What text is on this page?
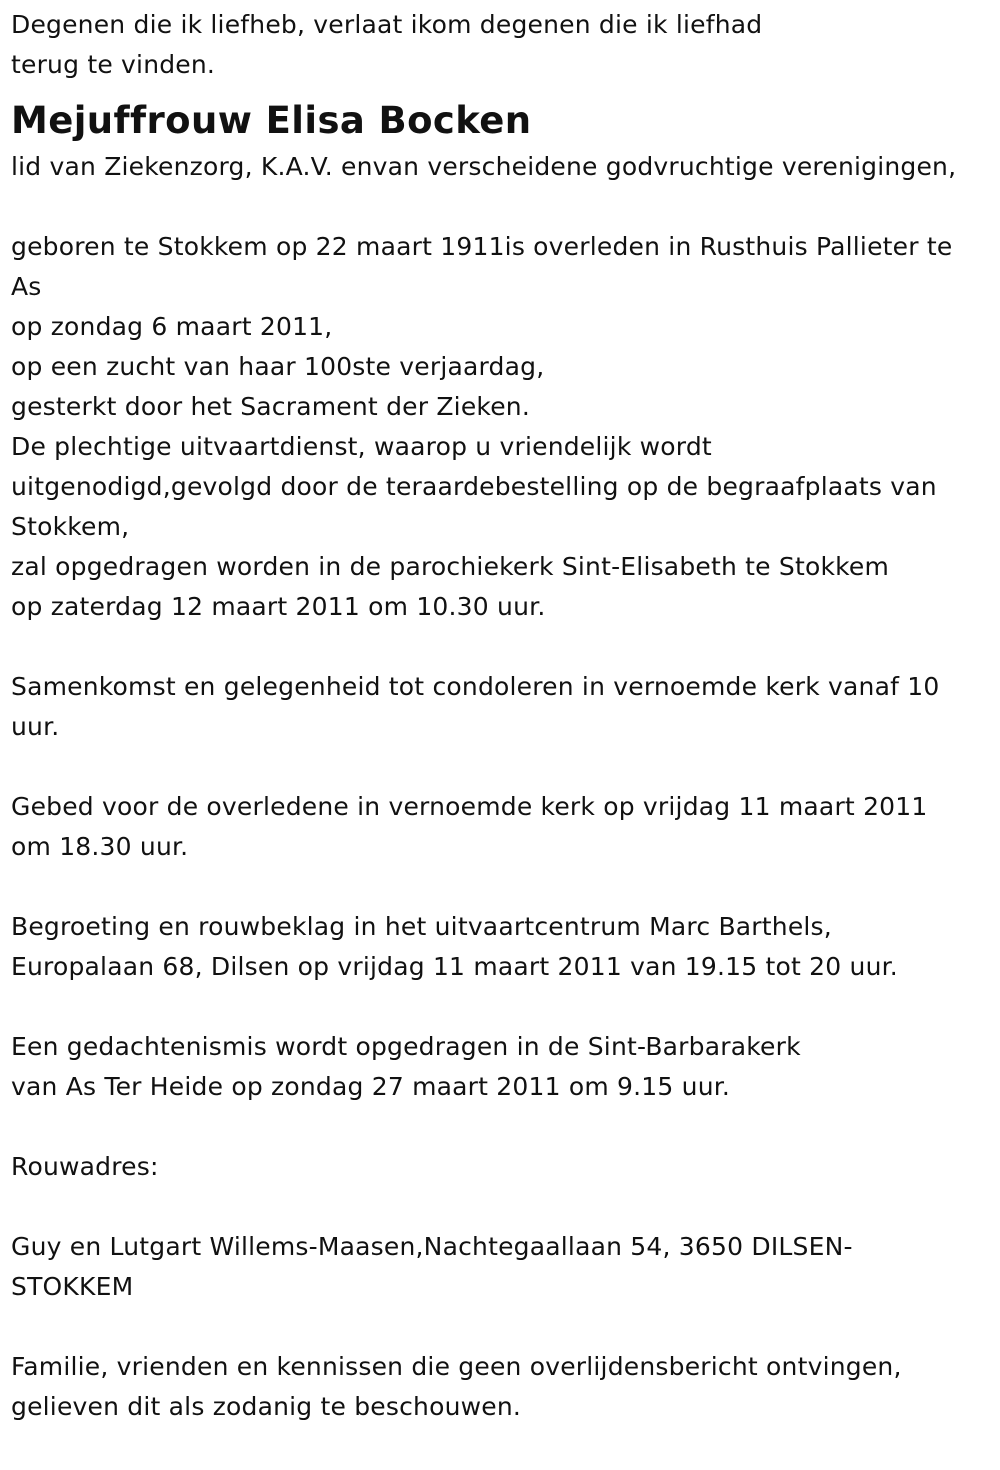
Degenen die ik liefheb, verlaat ikom degenen die ik liefhad
terug te vinden.
Mejuffrouw Elisa Bocken
lid van Ziekenzorg, K.A.V. envan verscheidene godvruchtige verenigingen,
geboren te Stokkem op 22 maart 1911is overleden in Rusthuis Pallieter te
As
op zondag 6 maart 2011,
op een zucht van haar 100ste verjaardag,
gesterkt door het Sacrament der Zieken.
De plechtige uitvaartdienst, waarop u vriendelijk wordt
uitgenodigd,gevolgd door de teraardebestelling op de begraafplaats van
Stokkem,
zal opgedragen worden in de parochiekerk Sint-Elisabeth te Stokkem
op zaterdag 12 maart 2011 om 10.30 uur.
Samenkomst en gelegenheid tot condoleren in vernoemde kerk vanaf 10
uur.
Gebed voor de overledene in vernoemde kerk op vrijdag 11 maart 2011
om 18.30 uur.
Begroeting en rouwbeklag in het uitvaartcentrum Marc Barthels,
Europalaan 68, Dilsen op vrijdag 11 maart 2011 van 19.15 tot 20 uur.
Een gedachtenismis wordt opgedragen in de Sint-Barbarakerk
van As Ter Heide op zondag 27 maart 2011 om 9.15 uur.
Rouwadres:
Guy en Lutgart Willems-Maasen,Nachtegaallaan 54, 3650 DILSEN-
STOKKEM
Familie, vrienden en kennissen die geen overlijdensbericht ontvingen,
gelieven dit als zodanig te beschouwen.
